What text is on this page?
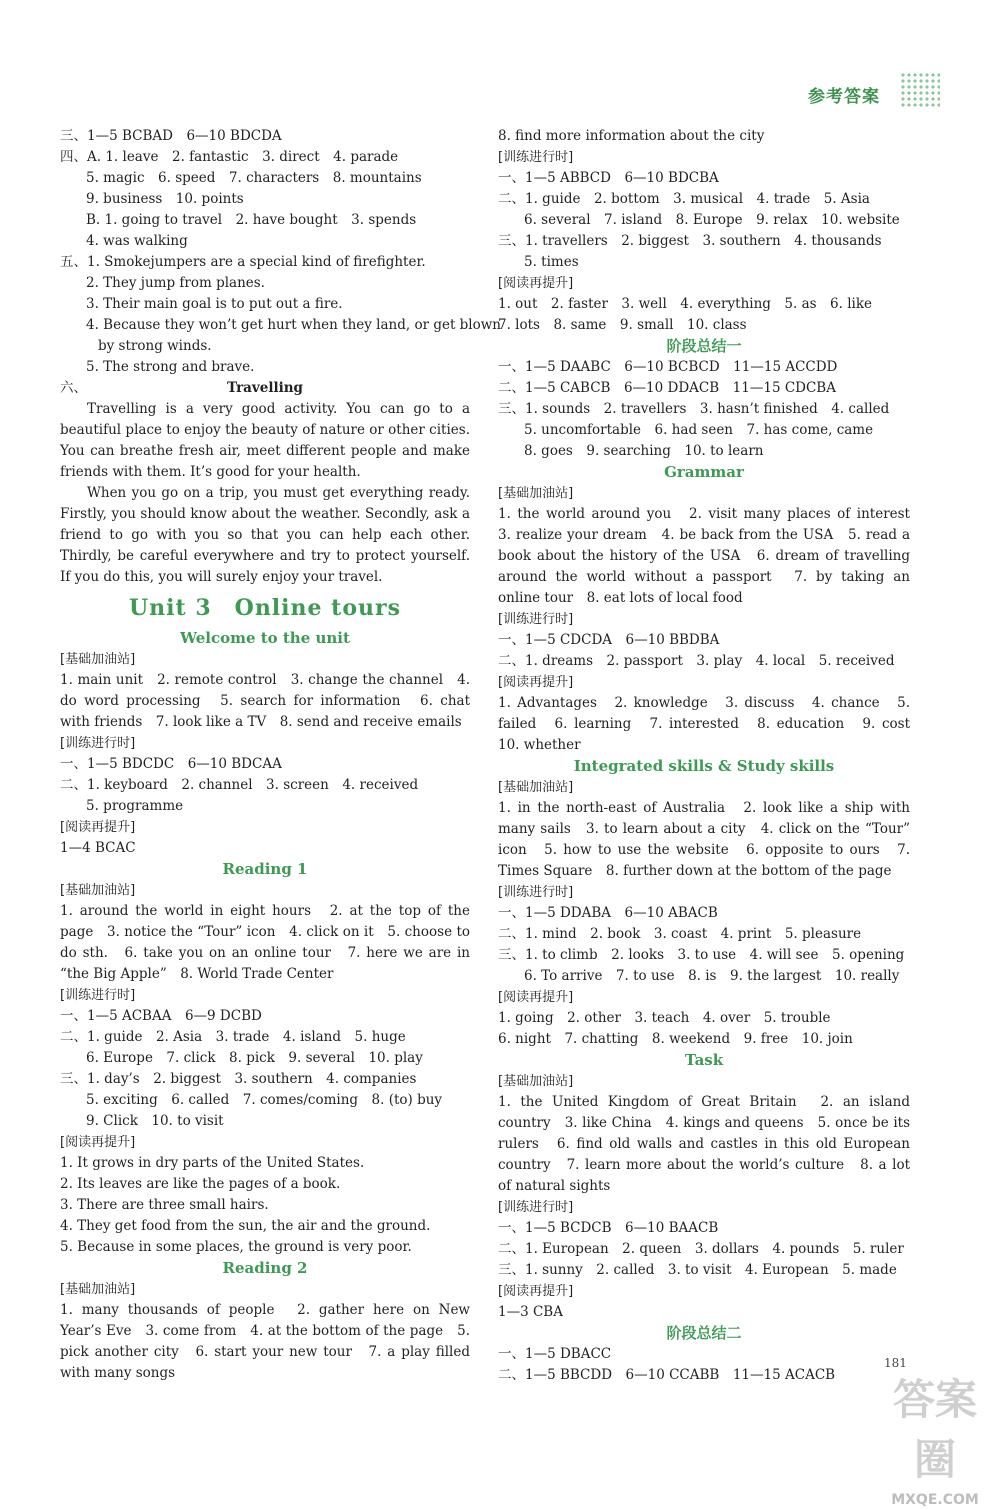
参考答案
三、1—5 BCBAD　6—10 BDCDA
四、A. 1. leave　2. fantastic　3. direct　4. parade
5. magic　6. speed　7. characters　8. mountains
9. business　10. points
B. 1. going to travel　2. have bought　3. spends
4. was walking
五、1. Smokejumpers are a special kind of firefighter.
2. They jump from planes.
3. Their main goal is to put out a fire.
4. Because they won’t get hurt when they land, or get blown
by strong winds.
5. The strong and brave.
六、	Travelling
Travelling is a very good activity. You can go to a beautiful place to enjoy the beauty of nature or other cities. You can breathe fresh air, meet different people and make friends with them. It’s good for your health.
When you go on a trip, you must get everything ready. Firstly, you should know about the weather. Secondly, ask a friend to go with you so that you can help each other. Thirdly, be careful everywhere and try to protect yourself. If you do this, you will surely enjoy your travel.
Unit 3　Online tours
Welcome to the unit
[基础加油站]
1. main unit　2. remote control　3. change the channel　4. do word processing　5. search for information　6. chat with friends　7. look like a TV　8. send and receive emails
[训练进行时]
一、1—5 BDCDC　6—10 BDCAA
二、1. keyboard　2. channel　3. screen　4. received
5. programme
[阅读再提升]
1—4 BCAC
Reading 1
[基础加油站]
1. around the world in eight hours　2. at the top of the page　3. notice the “Tour” icon　4. click on it　5. choose to do sth.　6. take you on an online tour　7. here we are in “the Big Apple”　8. World Trade Center
[训练进行时]
一、1—5 ACBAA　6—9 DCBD
二、1. guide　2. Asia　3. trade　4. island　5. huge
6. Europe　7. click　8. pick　9. several　10. play
三、1. day’s　2. biggest　3. southern　4. companies
5. exciting　6. called　7. comes/coming　8. (to) buy
9. Click　10. to visit
[阅读再提升]
1. It grows in dry parts of the United States.
2. Its leaves are like the pages of a book.
3. There are three small hairs.
4. They get food from the sun, the air and the ground.
5. Because in some places, the ground is very poor.
Reading 2
[基础加油站]
1. many thousands of people　2. gather here on New Year’s Eve　3. come from　4. at the bottom of the page　5. pick another city　6. start your new tour　7. a play filled with many songs
8. find more information about the city
[训练进行时]
一、1—5 ABBCD　6—10 BDCBA
二、1. guide　2. bottom　3. musical　4. trade　5. Asia
6. several　7. island　8. Europe　9. relax　10. website
三、1. travellers　2. biggest　3. southern　4. thousands
5. times
[阅读再提升]
1. out　2. faster　3. well　4. everything　5. as　6. like
7. lots　8. same　9. small　10. class
阶段总结一
一、1—5 DAABC　6—10 BCBCD　11—15 ACCDD
二、1—5 CABCB　6—10 DDACB　11—15 CDCBA
三、1. sounds　2. travellers　3. hasn’t finished　4. called
5. uncomfortable　6. had seen　7. has come, came
8. goes　9. searching　10. to learn
Grammar
[基础加油站]
1. the world around you　2. visit many places of interest　3. realize your dream　4. be back from the USA　5. read a book about the history of the USA　6. dream of travelling around the world without a passport　7. by taking an online tour　8. eat lots of local food
[训练进行时]
一、1—5 CDCDA　6—10 BBDBA
二、1. dreams　2. passport　3. play　4. local　5. received
[阅读再提升]
1. Advantages　2. knowledge　3. discuss　4. chance　5. failed　6. learning　7. interested　8. education　9. cost　10. whether
Integrated skills & Study skills
[基础加油站]
1. in the north-east of Australia　2. look like a ship with many sails　3. to learn about a city　4. click on the “Tour” icon　5. how to use the website　6. opposite to ours　7. Times Square　8. further down at the bottom of the page
[训练进行时]
一、1—5 DDABA　6—10 ABACB
二、1. mind　2. book　3. coast　4. print　5. pleasure
三、1. to climb　2. looks　3. to use　4. will see　5. opening
6. To arrive　7. to use　8. is　9. the largest　10. really
[阅读再提升]
1. going　2. other　3. teach　4. over　5. trouble
6. night　7. chatting　8. weekend　9. free　10. join
Task
[基础加油站]
1. the United Kingdom of Great Britain　2. an island country　3. like China　4. kings and queens　5. once be its rulers　6. find old walls and castles in this old European country　7. learn more about the world’s culture　8. a lot of natural sights
[训练进行时]
一、1—5 BCDCB　6—10 BAACB
二、1. European　2. queen　3. dollars　4. pounds　5. ruler
三、1. sunny　2. called　3. to visit　4. European　5. made
[阅读再提升]
1—3 CBA
阶段总结二
一、1—5 DBACC
二、1—5 BBCDD　6—10 CCABB　11—15 ACACB
181
答案圈
MXQE.COM
